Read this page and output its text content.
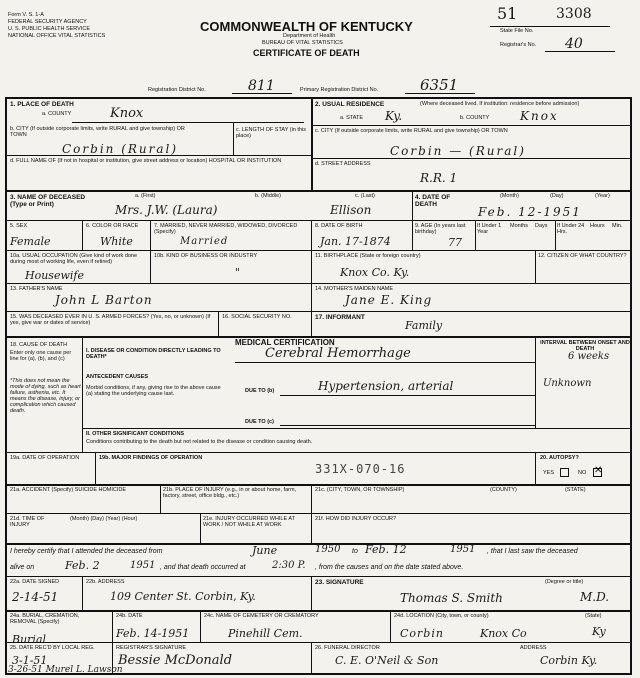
Form V. S. 1-A
FEDERAL SECURITY AGENCY
U. S. PUBLIC HEALTH SERVICE
NATIONAL OFFICE VITAL STATISTICS
COMMONWEALTH OF KENTUCKY
Department of Health
BUREAU OF VITAL STATISTICS
CERTIFICATE OF DEATH
51	3308
State File No.
Registrar's No. 40
Registration District No.	811	Primary Registration District No.	6351
1. PLACE OF DEATH
a. COUNTY	Knox
b. CITY (If outside corporate limits, write RURAL and give township) OR TOWN
Corbin (Rural)
c. LENGTH OF STAY (in this place)
d. FULL NAME OF (If not in hospital or institution, give street address or location) HOSPITAL OR INSTITUTION
2. USUAL RESIDENCE	(Where deceased lived. If institution: residence before admission)
a. STATE Ky.	b. COUNTY	Knox
c. CITY (If outside corporate limits, write RURAL and give township) OR TOWN
Corbin — (Rural)
d. STREET ADDRESS
R.R. 1
3. NAME OF DECEASED (Type or Print)
a. (First)	b. (Middle)	c. (Last)
Mrs. J.W. (Laura)	Ellison
4. DATE OF DEATH
(Month)	(Day)	(Year)
Feb. 12-1951
5. SEX
Female
6. COLOR OR RACE
White
7. MARRIED, NEVER MARRIED, WIDOWED, DIVORCED (Specify)
Married
8. DATE OF BIRTH
Jan. 17-1874
9. AGE (In years last birthday)
77
If Under 1 Year
Months Days If Under 24 Hrs.
Hours Min.
10a. USUAL OCCUPATION (Give kind of work done during most of working life, even if retired)
Housewife
10b. KIND OF BUSINESS OR INDUSTRY
"
11. BIRTHPLACE (State or foreign country)
Knox Co. Ky.
12. CITIZEN OF WHAT COUNTRY?
13. FATHER'S NAME
John L Barton
14. MOTHER'S MAIDEN NAME
Jane E. King
15. WAS DECEASED EVER IN U. S. ARMED FORCES? (Yes, no, or unknown) (If yes, give war or dates of service)
16. SOCIAL SECURITY NO.	17. INFORMANT
Family
MEDICAL CERTIFICATION
18. CAUSE OF DEATH
Enter only one cause per line for (a), (b), and (c)
*This does not mean the mode of dying, such as heart failure, asthenia, etc. It means the disease, injury, or complication which caused death.
I. DISEASE OR CONDITION DIRECTLY LEADING TO DEATH*	Cerebral Hemorrhage
ANTECEDENT CAUSES
Morbid conditions, if any, giving rise to the above cause (a) stating the underlying cause last.	DUE TO (b)	Hypertension, arterial
DUE TO (c)
II. OTHER SIGNIFICANT CONDITIONS
Conditions contributing to the death but not related to the disease or condition causing death.
INTERVAL BETWEEN ONSET AND DEATH
6 weeks
Unknown
19a. DATE OF OPERATION	19b. MAJOR FINDINGS OF OPERATION
331X-070-16
20. AUTOPSY?
YES	NO ✕
21a. ACCIDENT (Specify) SUICIDE HOMICIDE	21b. PLACE OF INJURY (e.g., in or about home, farm, factory, street, office bldg., etc.)
21c. (CITY, TOWN, OR TOWNSHIP)	(COUNTY)	(STATE)
21d. TIME OF INJURY
(Month) (Day) (Year) (Hour)	21e. INJURY OCCURRED WHILE AT WORK / NOT WHILE AT WORK
21f. HOW DID INJURY OCCUR?
I hereby certify that I attended the deceased from	June	1950 to Feb. 12	1951 , that I last saw the deceased
alive on	Feb. 2	1951 , and that death occurred at	2:30 P. , from the causes and on the date stated above.
22a. DATE SIGNED
2-14-51
22b. ADDRESS
109 Center St. Corbin, Ky.
23. SIGNATURE	(Degree or title)
Thomas S. Smith	M.D.
24a. BURIAL, CREMATION, REMOVAL (Specify)
Burial
24b. DATE
Feb. 14-1951
24c. NAME OF CEMETERY OR CREMATORY
Pinehill Cem.
24d. LOCATION (City, town, or county)	(State)
Corbin	Knox Co	Ky
25. DATE REC'D BY LOCAL REG.
3-1-51
REGISTRAR'S SIGNATURE
Bessie McDonald
26. FUNERAL DIRECTOR
C. E. O'Neil & Son
ADDRESS
Corbin Ky.
3-26-51 Murel L. Lawson
